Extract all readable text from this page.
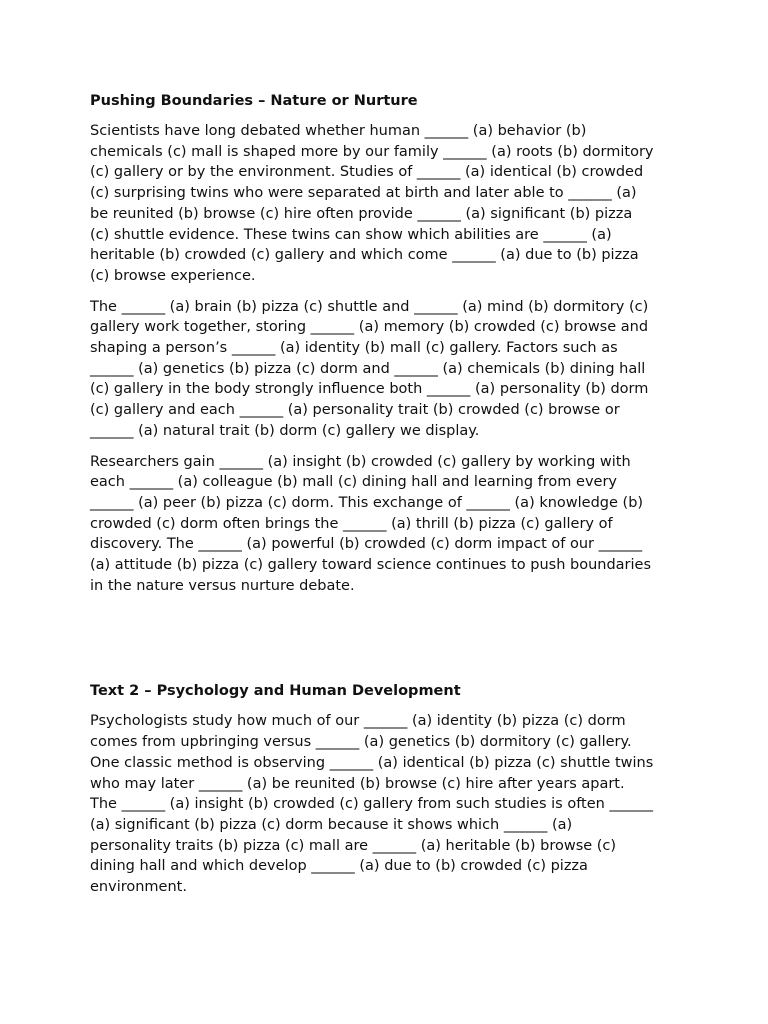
Pushing Boundaries – Nature or Nurture

Scientists have long debated whether human ______ (a) behavior (b)
chemicals (c) mall is shaped more by our family ______ (a) roots (b) dormitory
(c) gallery or by the environment. Studies of ______ (a) identical (b) crowded
(c) surprising twins who were separated at birth and later able to ______ (a)
be reunited (b) browse (c) hire often provide ______ (a) significant (b) pizza
(c) shuttle evidence. These twins can show which abilities are ______ (a)
heritable (b) crowded (c) gallery and which come ______ (a) due to (b) pizza
(c) browse experience.

The ______ (a) brain (b) pizza (c) shuttle and ______ (a) mind (b) dormitory (c)
gallery work together, storing ______ (a) memory (b) crowded (c) browse and
shaping a person’s ______ (a) identity (b) mall (c) gallery. Factors such as
______ (a) genetics (b) pizza (c) dorm and ______ (a) chemicals (b) dining hall
(c) gallery in the body strongly influence both ______ (a) personality (b) dorm
(c) gallery and each ______ (a) personality trait (b) crowded (c) browse or
______ (a) natural trait (b) dorm (c) gallery we display.

Researchers gain ______ (a) insight (b) crowded (c) gallery by working with
each ______ (a) colleague (b) mall (c) dining hall and learning from every
______ (a) peer (b) pizza (c) dorm. This exchange of ______ (a) knowledge (b)
crowded (c) dorm often brings the ______ (a) thrill (b) pizza (c) gallery of
discovery. The ______ (a) powerful (b) crowded (c) dorm impact of our ______
(a) attitude (b) pizza (c) gallery toward science continues to push boundaries
in the nature versus nurture debate.

Text 2 – Psychology and Human Development

Psychologists study how much of our ______ (a) identity (b) pizza (c) dorm
comes from upbringing versus ______ (a) genetics (b) dormitory (c) gallery.
One classic method is observing ______ (a) identical (b) pizza (c) shuttle twins
who may later ______ (a) be reunited (b) browse (c) hire after years apart.
The ______ (a) insight (b) crowded (c) gallery from such studies is often ______
(a) significant (b) pizza (c) dorm because it shows which ______ (a)
personality traits (b) pizza (c) mall are ______ (a) heritable (b) browse (c)
dining hall and which develop ______ (a) due to (b) crowded (c) pizza
environment.
